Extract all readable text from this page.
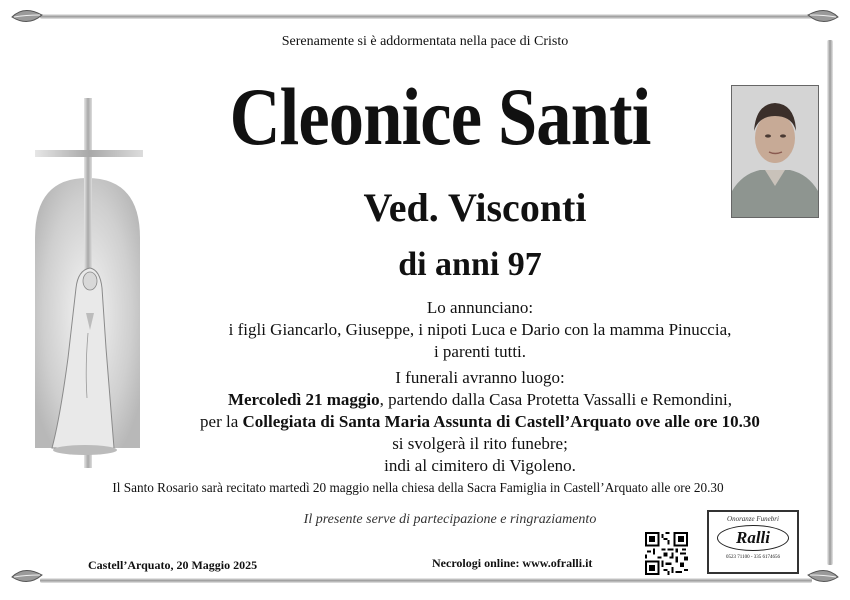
Serenamente si è addormentata nella pace di Cristo
Cleonice Santi
Ved. Visconti
di anni 97
Lo annunciano:
i figli Giancarlo, Giuseppe, i nipoti Luca e Dario con la mamma Pinuccia,
i parenti tutti.
I funerali avranno luogo:
Mercoledì 21 maggio, partendo dalla Casa Protetta Vassalli e Remondini,
per la Collegiata di Santa Maria Assunta di Castell’Arquato ove alle ore 10.30
si svolgerà il rito funebre;
indi al cimitero di Vigoleno.
Il Santo Rosario sarà recitato martedì 20 maggio nella chiesa della Sacra Famiglia in Castell’Arquato alle ore 20.30
Il presente serve di partecipazione e ringraziamento
Castell’Arquato, 20 Maggio 2025	Necrologi online: www.ofralli.it
Onoranze Funebri
Ralli
0523 71100 - 335 6174656
